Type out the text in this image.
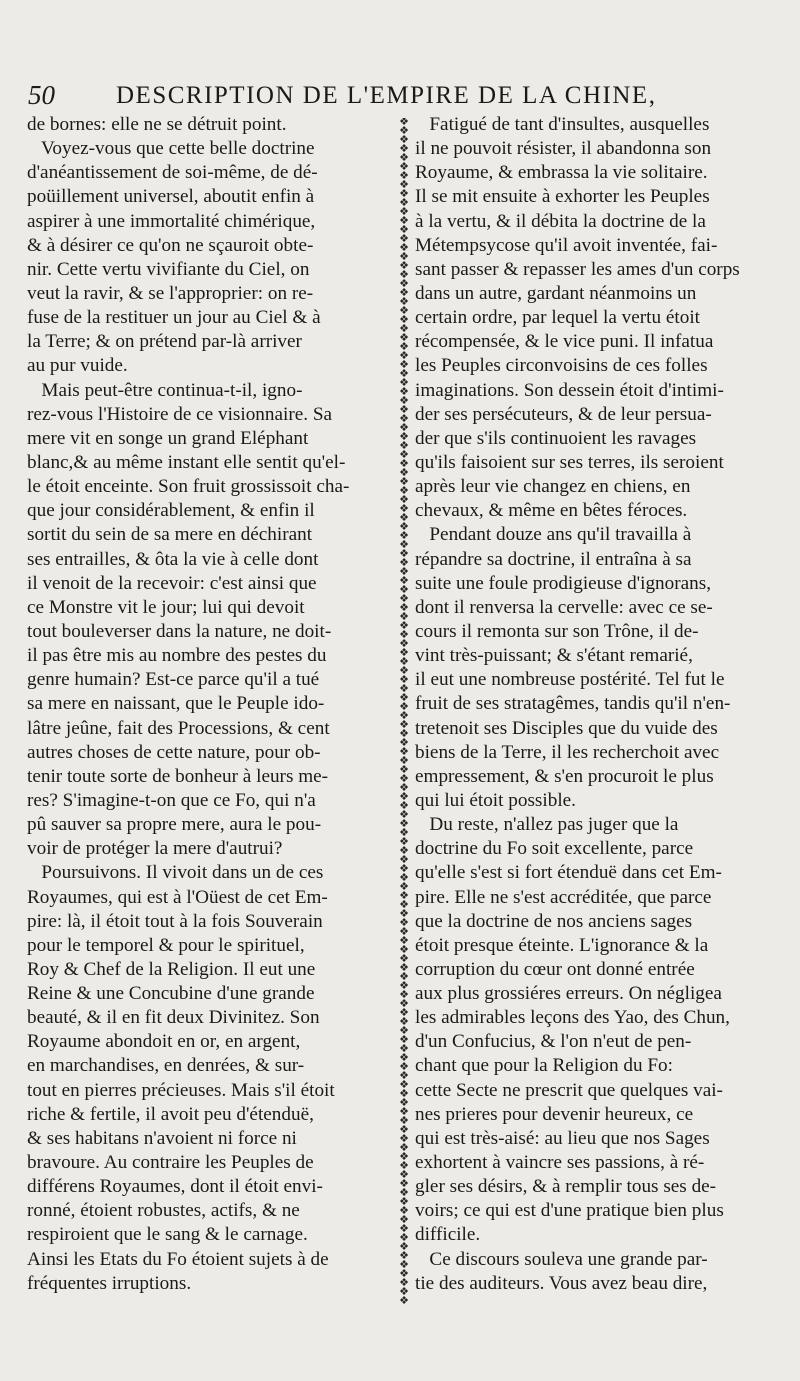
50 DESCRIPTION DE L'EMPIRE DE LA CHINE,
de bornes: elle ne se détruit point.
Voyez-vous que cette belle doctrine
d'anéantissement de soi-même, de dé-
poüillement universel, aboutit enfin à
aspirer à une immortalité chimérique,
& à désirer ce qu'on ne sçauroit obte-
nir. Cette vertu vivifiante du Ciel, on
veut la ravir, & se l'approprier: on re-
fuse de la restituer un jour au Ciel & à
la Terre; & on prétend par-là arriver
au pur vuide.
Mais peut-être continua-t-il, igno-
rez-vous l'Histoire de ce visionnaire. Sa
mere vit en songe un grand Eléphant
blanc,& au même instant elle sentit qu'el-
le étoit enceinte. Son fruit grossissoit cha-
que jour considérablement, & enfin il
sortit du sein de sa mere en déchirant
ses entrailles, & ôta la vie à celle dont
il venoit de la recevoir: c'est ainsi que
ce Monstre vit le jour; lui qui devoit
tout bouleverser dans la nature, ne doit-
il pas être mis au nombre des pestes du
genre humain? Est-ce parce qu'il a tué
sa mere en naissant, que le Peuple ido-
lâtre jeûne, fait des Processions, & cent
autres choses de cette nature, pour ob-
tenir toute sorte de bonheur à leurs me-
res? S'imagine-t-on que ce Fo, qui n'a
pû sauver sa propre mere, aura le pou-
voir de protéger la mere d'autrui?
Poursuivons. Il vivoit dans un de ces
Royaumes, qui est à l'Oüest de cet Em-
pire: là, il étoit tout à la fois Souverain
pour le temporel & pour le spirituel,
Roy & Chef de la Religion. Il eut une
Reine & une Concubine d'une grande
beauté, & il en fit deux Divinitez. Son
Royaume abondoit en or, en argent,
en marchandises, en denrées, & sur-
tout en pierres précieuses. Mais s'il étoit
riche & fertile, il avoit peu d'étenduë,
& ses habitans n'avoient ni force ni
bravoure. Au contraire les Peuples de
différens Royaumes, dont il étoit envi-
ronné, étoient robustes, actifs, & ne
respiroient que le sang & le carnage.
Ainsi les Etats du Fo étoient sujets à de
fréquentes irruptions.
❖
❖
❖
❖
❖
❖
❖
❖
❖
❖
❖
❖
❖
❖
❖
❖
❖
❖
❖
❖
❖
❖
❖
❖
❖
❖
❖
❖
❖
❖
❖
❖
❖
❖
❖
❖
❖
❖
❖
❖
❖
❖
❖
❖
❖
❖
❖
❖
❖
❖
❖
❖
❖
❖
❖
❖
❖
❖
❖
❖
❖
❖
❖
❖
❖
❖
❖
❖
❖
❖
❖
❖
❖
❖
❖
❖
❖
❖
❖
❖
❖
❖
❖
❖
❖
❖
❖
❖
❖
❖
❖
❖
❖
❖
❖
❖
❖
❖
❖
❖
❖
❖
❖
❖
❖
❖
❖
❖
❖
❖
❖
❖
❖
❖
❖
❖
❖
❖
❖
❖
❖
❖
❖
❖
❖
❖
❖
❖
❖
❖
❖
❖
Fatigué de tant d'insultes, ausquelles
il ne pouvoit résister, il abandonna son
Royaume, & embrassa la vie solitaire.
Il se mit ensuite à exhorter les Peuples
à la vertu, & il débita la doctrine de la
Métempsycose qu'il avoit inventée, fai-
sant passer & repasser les ames d'un corps
dans un autre, gardant néanmoins un
certain ordre, par lequel la vertu étoit
récompensée, & le vice puni. Il infatua
les Peuples circonvoisins de ces folles
imaginations. Son dessein étoit d'intimi-
der ses persécuteurs, & de leur persua-
der que s'ils continuoient les ravages
qu'ils faisoient sur ses terres, ils seroient
après leur vie changez en chiens, en
chevaux, & même en bêtes féroces.
Pendant douze ans qu'il travailla à
répandre sa doctrine, il entraîna à sa
suite une foule prodigieuse d'ignorans,
dont il renversa la cervelle: avec ce se-
cours il remonta sur son Trône, il de-
vint très-puissant; & s'étant remarié,
il eut une nombreuse postérité. Tel fut le
fruit de ses stratagêmes, tandis qu'il n'en-
tretenoit ses Disciples que du vuide des
biens de la Terre, il les recherchoit avec
empressement, & s'en procuroit le plus
qui lui étoit possible.
Du reste, n'allez pas juger que la
doctrine du Fo soit excellente, parce
qu'elle s'est si fort étenduë dans cet Em-
pire. Elle ne s'est accréditée, que parce
que la doctrine de nos anciens sages
étoit presque éteinte. L'ignorance & la
corruption du cœur ont donné entrée
aux plus grossiéres erreurs. On négligea
les admirables leçons des Yao, des Chun,
d'un Confucius, & l'on n'eut de pen-
chant que pour la Religion du Fo:
cette Secte ne prescrit que quelques vai-
nes prieres pour devenir heureux, ce
qui est très-aisé: au lieu que nos Sages
exhortent à vaincre ses passions, à ré-
gler ses désirs, & à remplir tous ses de-
voirs; ce qui est d'une pratique bien plus
difficile.
Ce discours souleva une grande par-
tie des auditeurs. Vous avez beau dire,
